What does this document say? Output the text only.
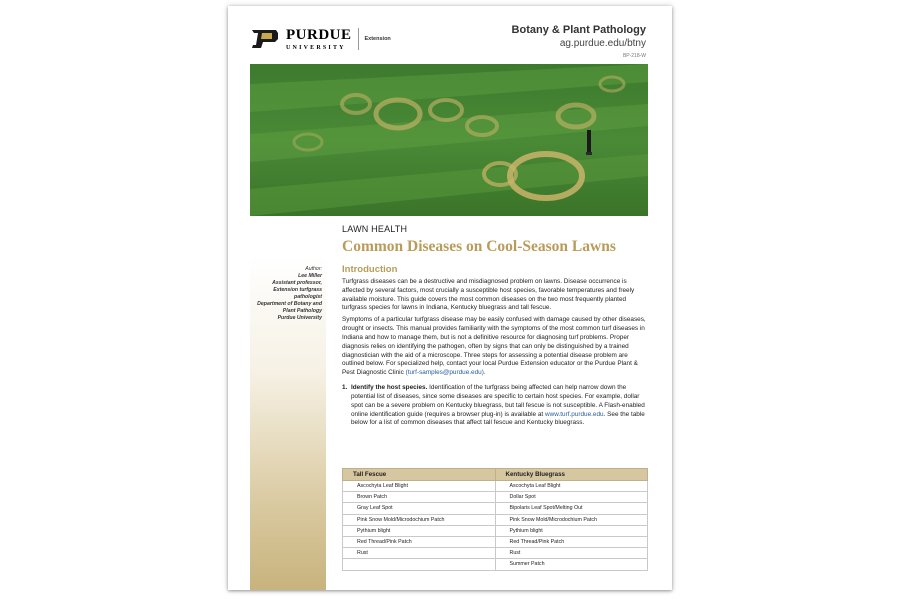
PURDUE
UNIVERSITY
Extension
Botany & Plant Pathology
ag.purdue.edu/btny
BP-218-W

Author:

Lee Miller

Assistant professor, Extension turfgrass pathologist

Department of Botany and Plant Pathology

Purdue University

LAWN HEALTH
Common Diseases on Cool-Season Lawns
Introduction
Turfgrass diseases can be a destructive and misdiagnosed problem on lawns. Disease occurrence is affected by several factors, most crucially a susceptible host species, favorable temperatures and freely available moisture. This guide covers the most common diseases on the two most frequently planted turfgrass species for lawns in Indiana, Kentucky bluegrass and tall fescue.
Symptoms of a particular turfgrass disease may be easily confused with damage caused by other diseases, drought or insects. This manual provides familiarity with the symptoms of the most common turf diseases in Indiana and how to manage them, but is not a definitive resource for diagnosing turf problems. Proper diagnosis relies on identifying the pathogen, often by signs that can only be distinguished by a trained diagnostician with the aid of a microscope. Three steps for assessing a potential disease problem are outlined below. For specialized help, contact your local Purdue Extension educator or the Purdue Plant & Pest Diagnostic Clinic (turf-samples@purdue.edu).
1. Identify the host species. Identification of the turfgrass being affected can help narrow down the potential list of diseases, since some diseases are specific to certain host species. For example, dollar spot can be a severe problem on Kentucky bluegrass, but tall fescue is not susceptible. A Flash-enabled online identification guide (requires a browser plug-in) is available at www.turf.purdue.edu. See the table below for a list of common diseases that affect tall fescue and Kentucky bluegrass.
Tall Fescue	Kentucky Bluegrass
Ascochyta Leaf Blight	Ascochyta Leaf Blight
Brown Patch	Dollar Spot
Gray Leaf Spot	Bipolaris Leaf Spot/Melting Out
Pink Snow Mold/Microdochium Patch	Pink Snow Mold/Microdochium Patch
Pythium blight	Pythium blight
Red Thread/Pink Patch	Red Thread/Pink Patch
Rust	Rust
	Summer Patch
